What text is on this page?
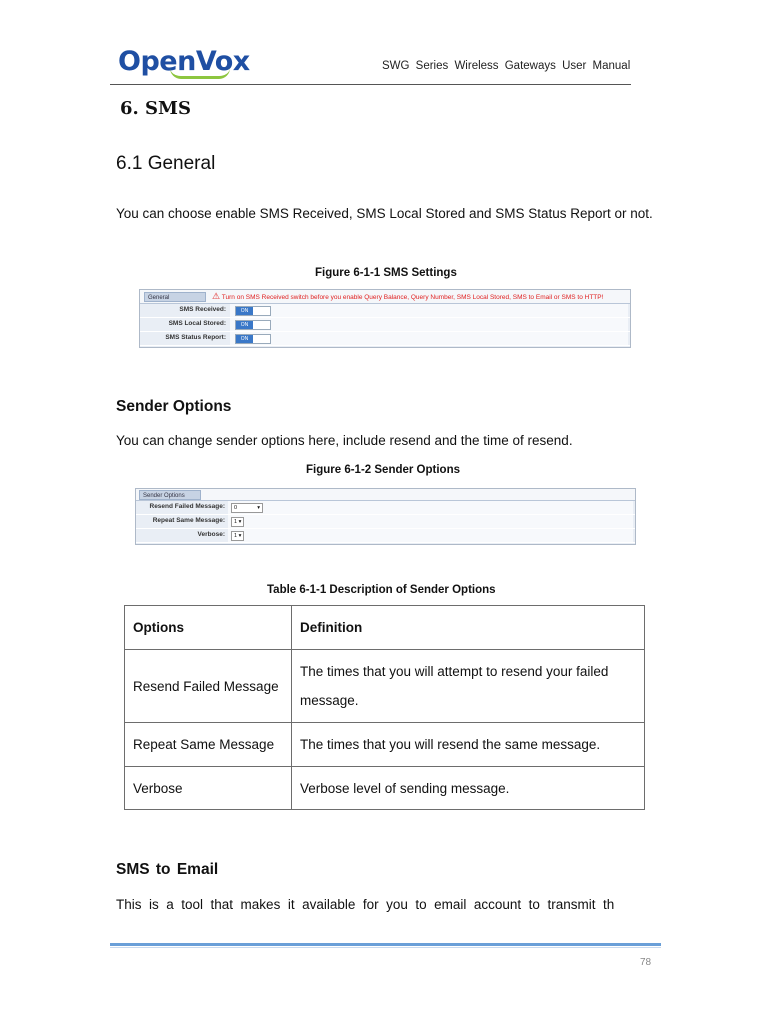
OpenVox	SWG Series Wireless Gateways User Manual
6. SMS
6.1 General
You can choose enable SMS Received, SMS Local Stored and SMS Status Report or not.
Figure 6-1-1 SMS Settings
General	⚠ Turn on SMS Received switch before you enable Query Balance, Query Number, SMS Local Stored, SMS to Email or SMS to HTTP!
SMS Received:	ON
SMS Local Stored:	ON
SMS Status Report:	ON
Sender Options
You can change sender options here, include resend and the time of resend.
Figure 6-1-2 Sender Options
Sender Options
Resend Failed Message:	0	▾
Repeat Same Message:	1 ▾
Verbose:	1 ▾
Table 6-1-1 Description of Sender Options
Options	Definition
Resend Failed Message	The times that you will attempt to resend your failed message.
Repeat Same Message	The times that you will resend the same message.
Verbose	Verbose level of sending message.
SMS to Email
This  is  a  tool  that  makes  it  available  for  you  to  email  account  to  transmit  th
78
